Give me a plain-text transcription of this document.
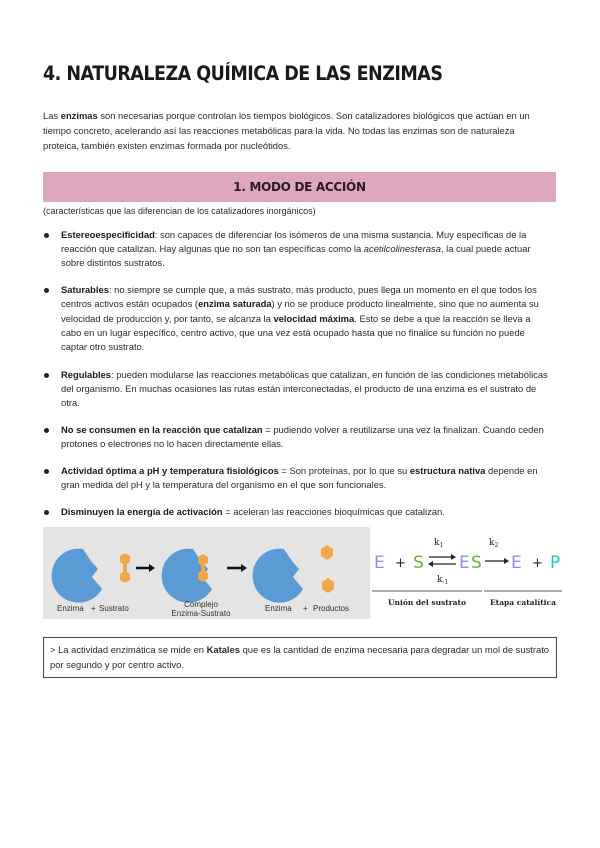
4. NATURALEZA QUÍMICA DE LAS ENZIMAS

Las enzimas son necesarias porque controlan los tiempos biológicos. Son catalizadores biológicos que actúan en un tiempo concreto, acelerando así las reacciones metabólicas para la vida. No todas las enzimas son de naturaleza proteica, también existen enzimas formada por nucleótidos.

1. MODO DE ACCIÓN

(características que las diferencian de los catalizadores inorgánicos)

Estereoespecificidad: son capaces de diferenciar los isómeros de una misma sustancia. Muy específicas de la reacción que catalizan. Hay algunas que no son tan específicas como la acetilcolinesterasa, la cual puede actuar sobre distintos sustratos.
Saturables: no siempre se cumple que, a más sustrato, más producto, pues llega un momento en el que todos los centros activos están ocupados (enzima saturada) y no se produce producto linealmente, sino que no aumenta su velocidad de producción y, por tanto, se alcanza la velocidad máxima. Esto se debe a que la reacción se lleva a cabo en un lugar específico, centro activo, que una vez está ocupado hasta que no finalice su función no puede captar otro sustrato.
Regulables: pueden modularse las reacciones metabólicas que catalizan, en función de las condiciones metabólicas del organismo. En muchas ocasiones las rutas están interconectadas, el producto de una enzima es el sustrato de otra.
No se consumen en la reacción que catalizan = pudiendo volver a reutilizarse una vez la finalizan. Cuando ceden protones o electrones no lo hacen directamente ellas.
Actividad óptima a pH y temperatura fisiológicos = Son proteínas, por lo que su estructura nativa depende en gran medida del pH y la temperatura del organismo en el que son funcionales.
Disminuyen la energía de activación = aceleran las reacciones bioquímicas que catalizan.
Enzima + Sustrato	Complejo
Enzima-Sustrato
Enzima + Productos
E + S E S E + P
$k_1$
$k_{-1}$
$k_2$
Unión del sustrato	Etapa catalítica
> La actividad enzimática se mide en Katales que es la cantidad de enzima necesaria para degradar un mol de sustrato por segundo y por centro activo.
